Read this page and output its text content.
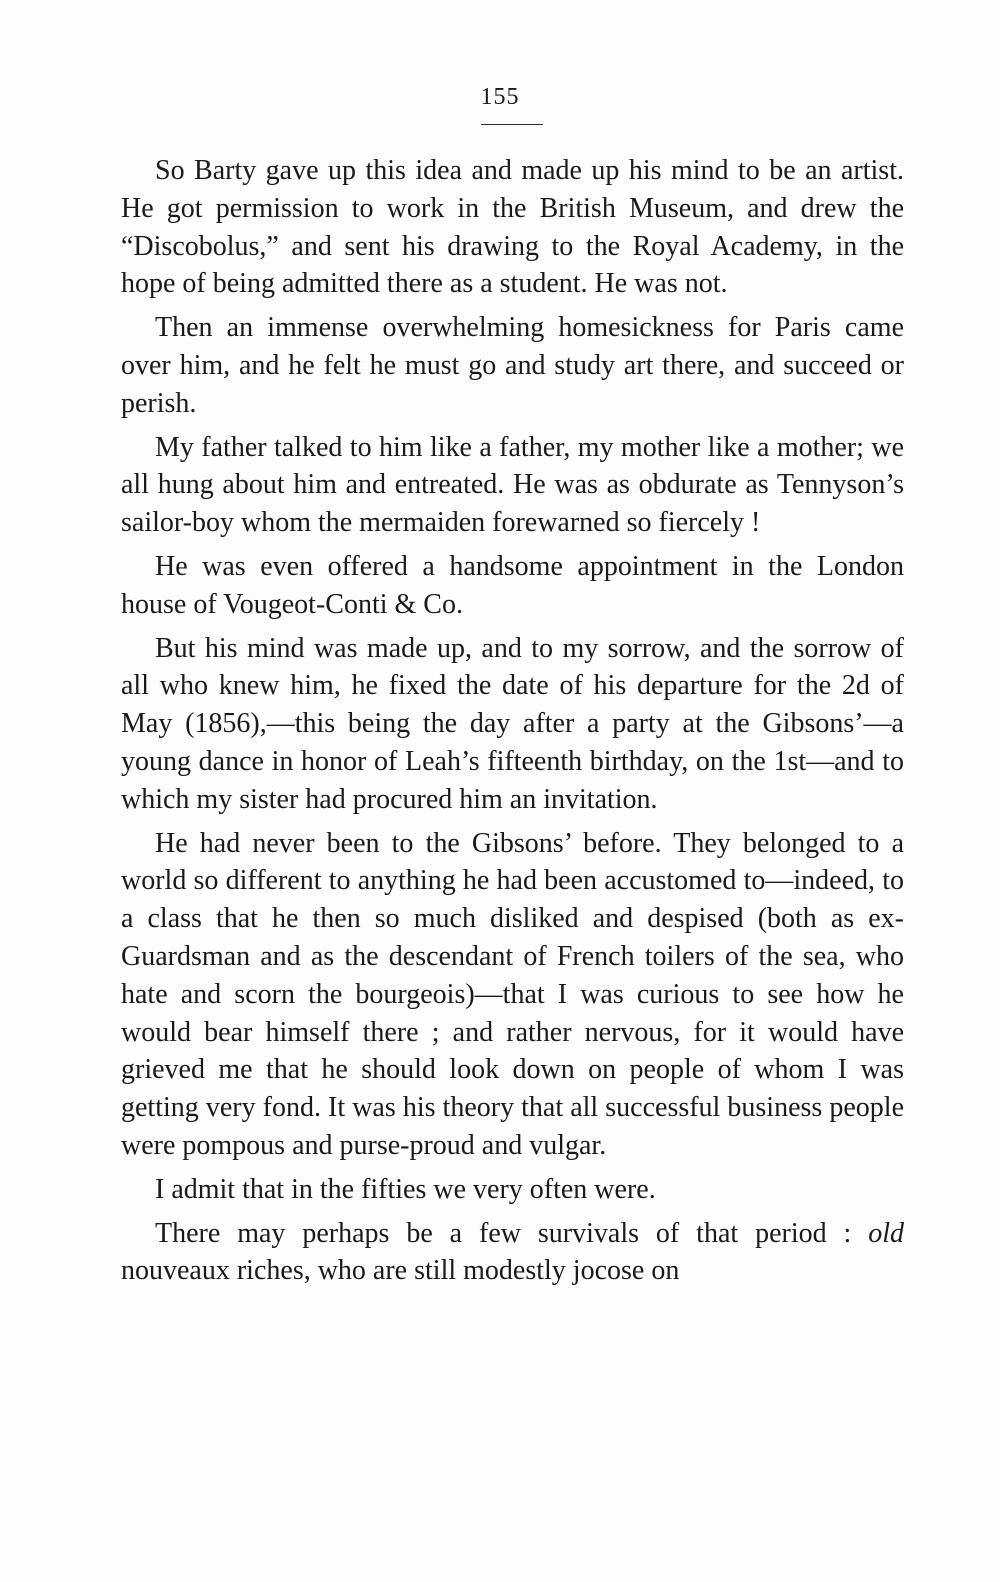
155

So Barty gave up this idea and made up his mind to be an artist. He got permission to work in the British Museum, and drew the “Discobolus,” and sent his drawing to the Royal Academy, in the hope of being admitted there as a student. He was not.

Then an immense overwhelming homesickness for Paris came over him, and he felt he must go and study art there, and succeed or perish.

My father talked to him like a father, my mother like a mother; we all hung about him and entreated. He was as obdurate as Tennyson’s sailor-boy whom the mermaiden forewarned so fiercely !

He was even offered a handsome appointment in the London house of Vougeot-Conti & Co.

But his mind was made up, and to my sorrow, and the sorrow of all who knew him, he fixed the date of his departure for the 2d of May (1856),—this being the day after a party at the Gibsons’—a young dance in honor of Leah’s fifteenth birthday, on the 1st—and to which my sister had procured him an invitation.

He had never been to the Gibsons’ before. They belonged to a world so different to anything he had been accustomed to—indeed, to a class that he then so much disliked and despised (both as ex-Guardsman and as the descendant of French toilers of the sea, who hate and scorn the bourgeois)—that I was curious to see how he would bear himself there ; and rather nervous, for it would have grieved me that he should look down on people of whom I was getting very fond. It was his theory that all successful business people were pompous and purse-proud and vulgar.

I admit that in the fifties we very often were.

There may perhaps be a few survivals of that period : old nouveaux riches, who are still modestly jocose on
